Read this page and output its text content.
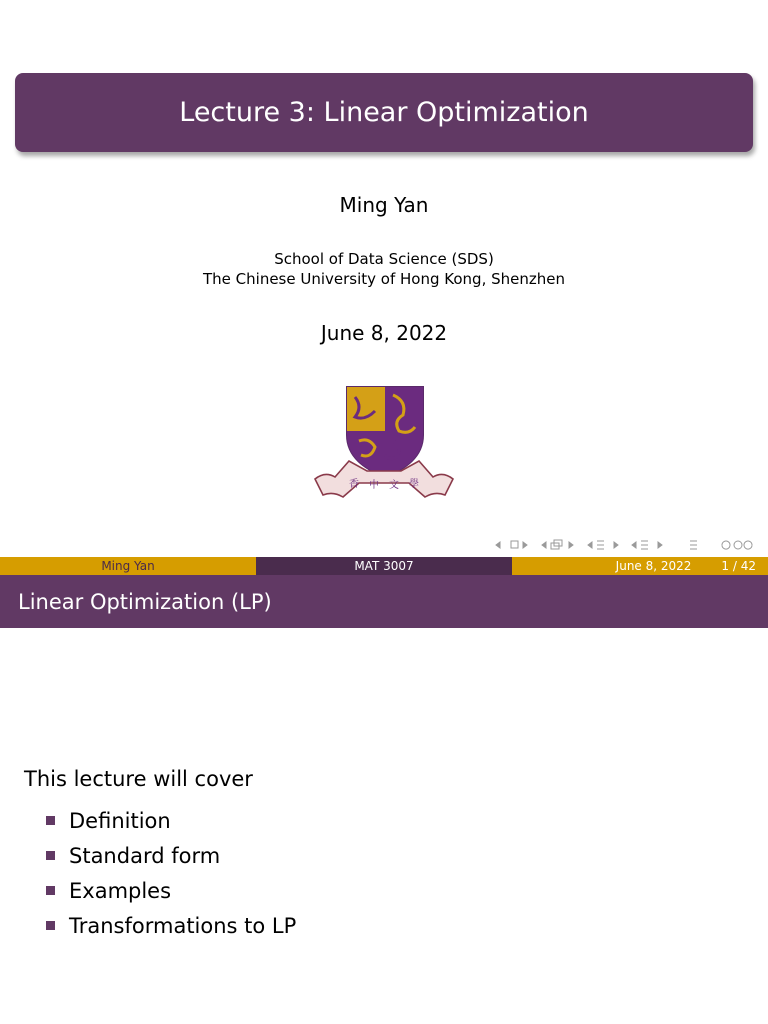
Lecture 3: Linear Optimization
Ming Yan
School of Data Science (SDS)
The Chinese University of Hong Kong, Shenzhen
June 8, 2022
香 中 文 學
Ming Yan	MAT 3007	June 8, 2022	1 / 42
Linear Optimization (LP)
This lecture will cover
Definition
Standard form
Examples
Transformations to LP
